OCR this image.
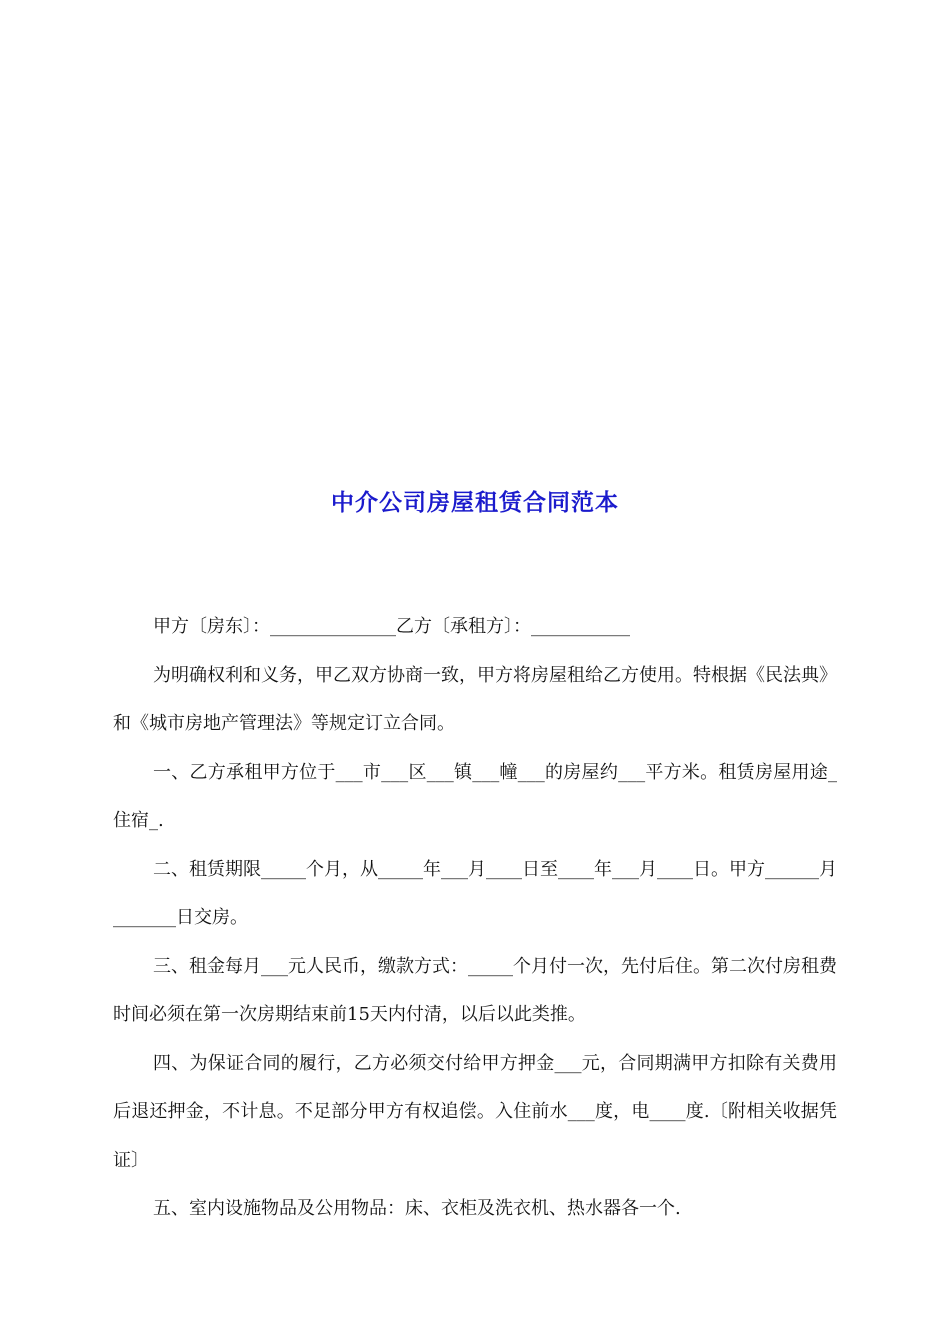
中介公司房屋租赁合同范本

甲方〔房东〕：______________乙方〔承租方〕：___________

为明确权利和义务，甲乙双方协商一致，甲方将房屋租给乙方使用。特根据《民法典》和《城市房地产管理法》等规定订立合同。

一、乙方承租甲方位于___市___区___镇___幢___的房屋约___平方米。租赁房屋用途_住宿_.

二、租赁期限_____个月，从_____年___月____日至____年___月____日。甲方______月_______日交房。

三、租金每月___元人民币，缴款方式：_____个月付一次，先付后住。第二次付房租费时间必须在第一次房期结束前15天内付清，以后以此类推。

四、为保证合同的履行，乙方必须交付给甲方押金___元，合同期满甲方扣除有关费用后退还押金，不计息。不足部分甲方有权追偿。入住前水___度，电____度.〔附相关收据凭证〕

五、室内设施物品及公用物品：床、衣柜及洗衣机、热水器各一个.
